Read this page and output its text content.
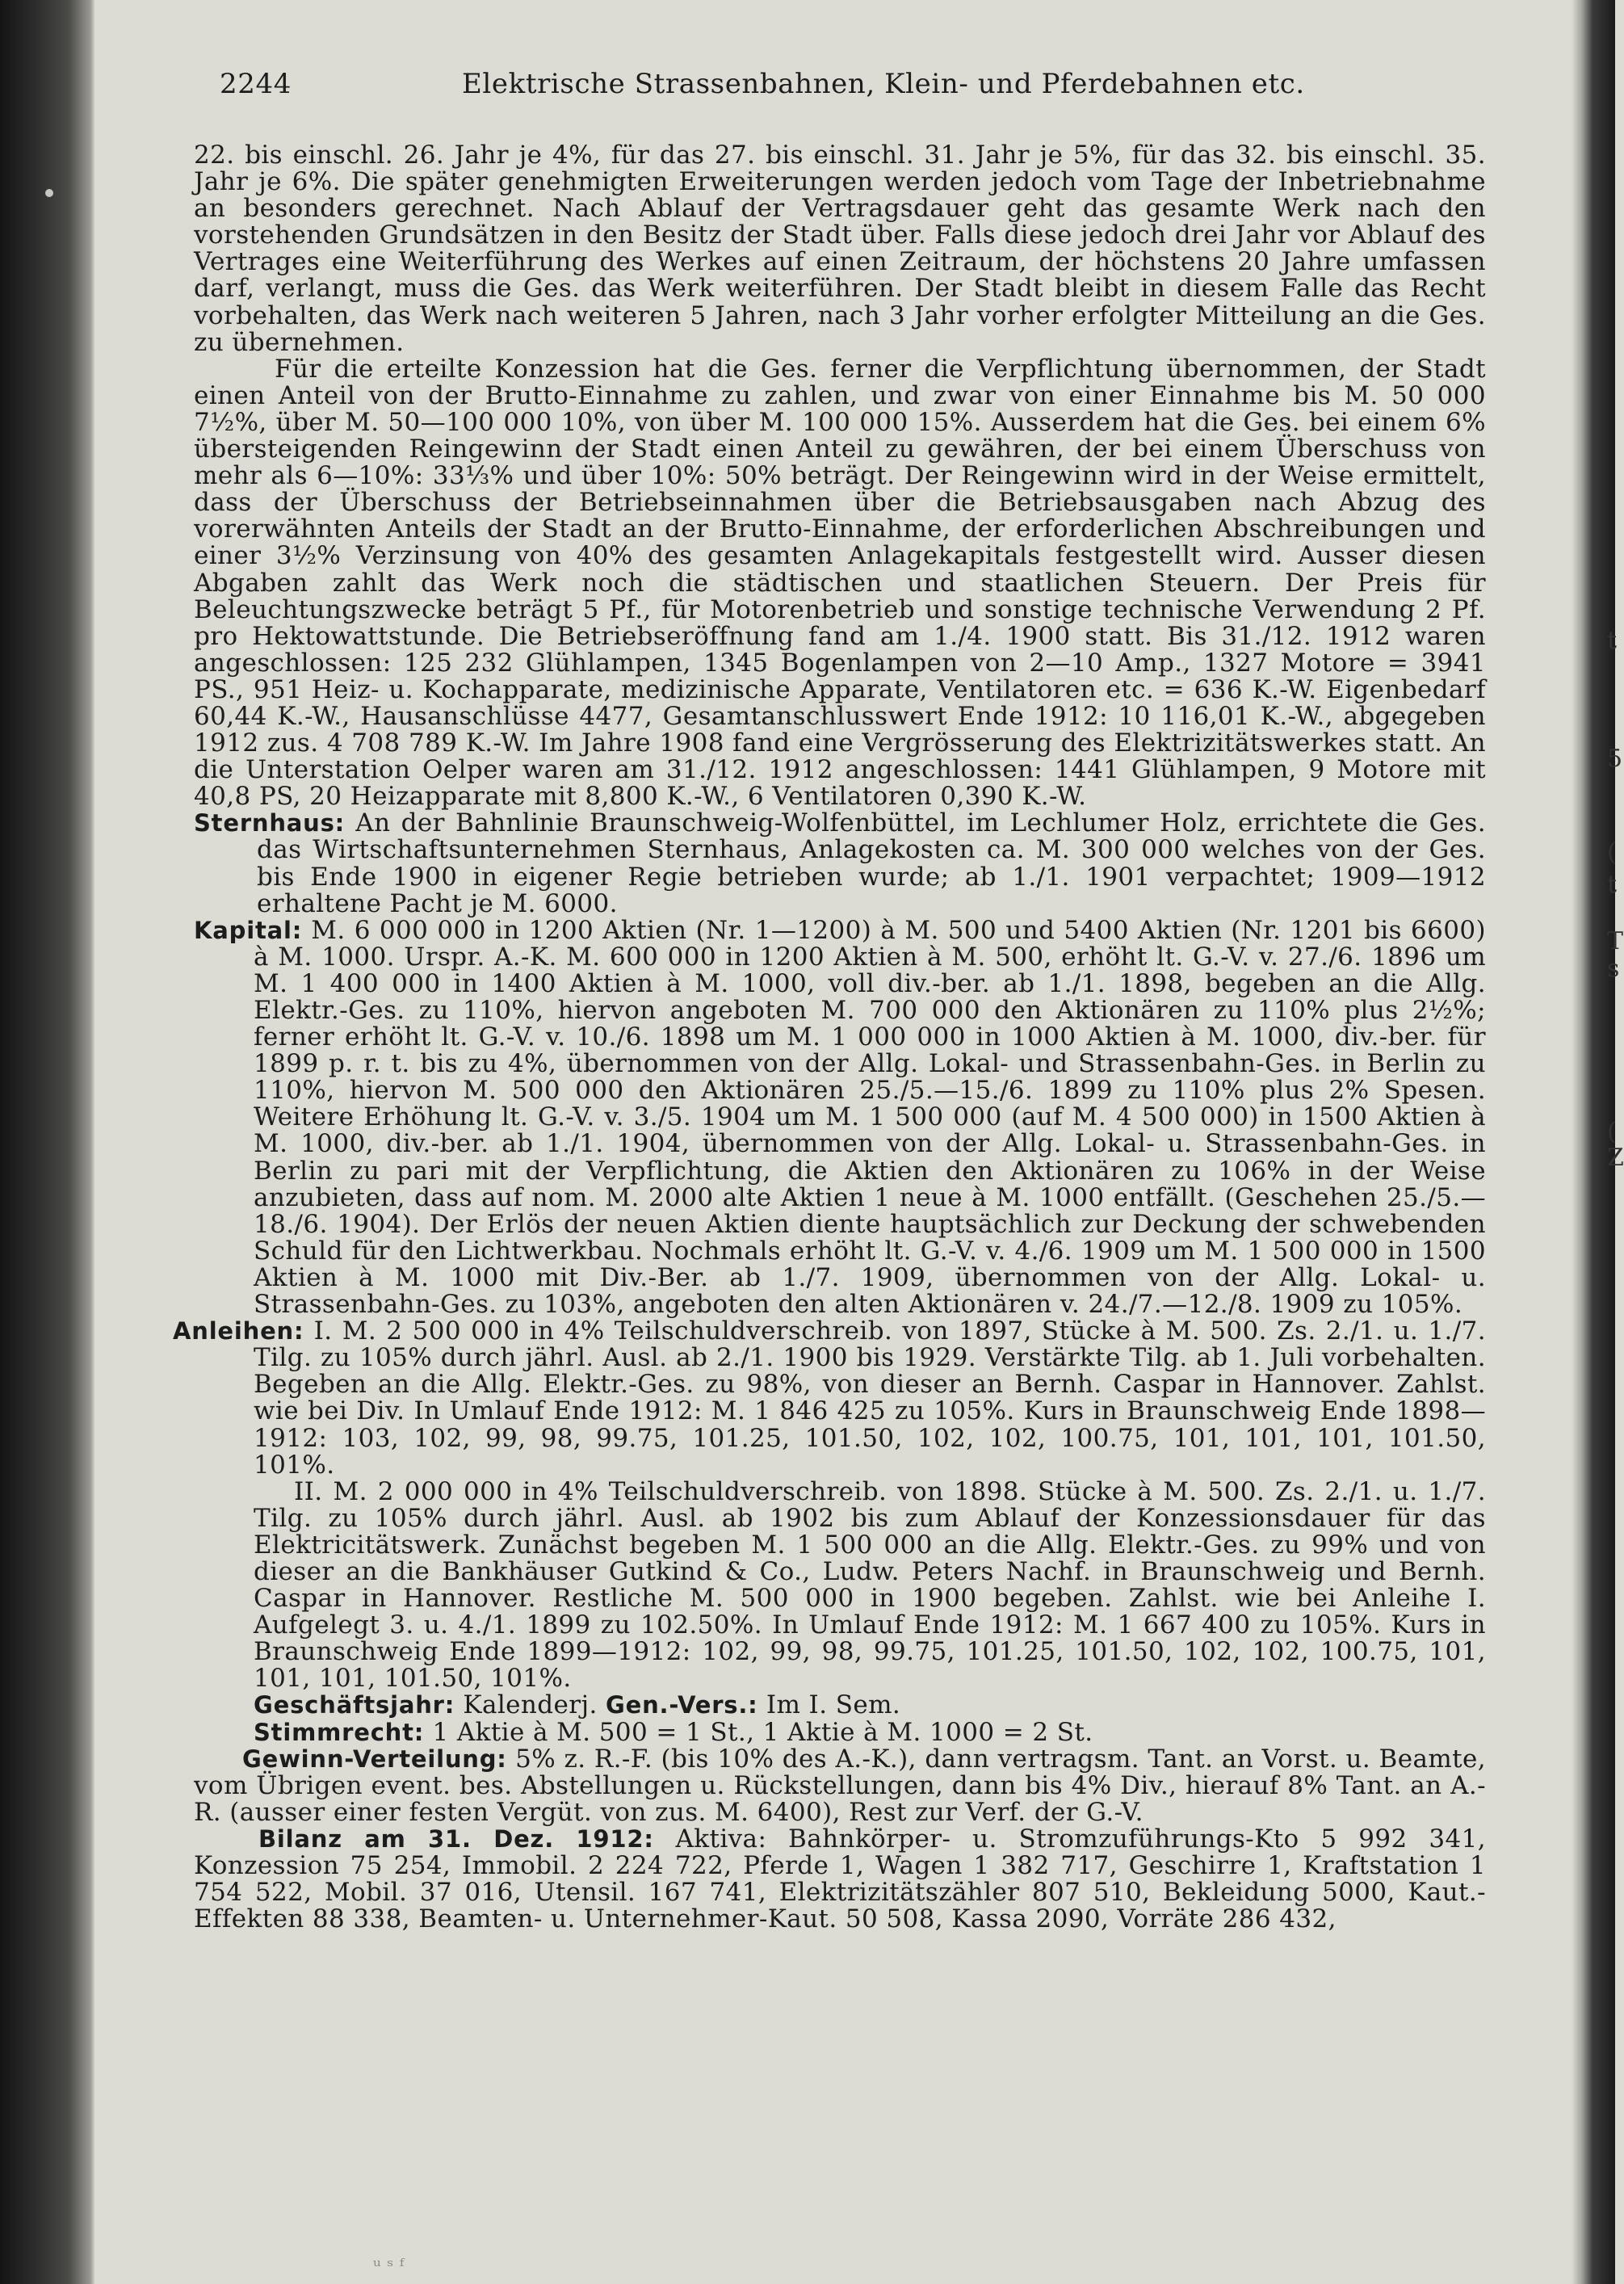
t
5
(
t
T
s
(
Z
2244	Elektrische Strassenbahnen, Klein- und Pferdebahnen etc.

22. bis einschl. 26. Jahr je 4%, für das 27. bis einschl. 31. Jahr je 5%, für das 32. bis einschl. 35. Jahr je 6%. Die später genehmigten Erweiterungen werden jedoch vom Tage der Inbetriebnahme an besonders gerechnet. Nach Ablauf der Vertragsdauer geht das gesamte Werk nach den vorstehenden Grundsätzen in den Besitz der Stadt über. Falls diese jedoch drei Jahr vor Ablauf des Vertrages eine Weiterführung des Werkes auf einen Zeitraum, der höchstens 20 Jahre umfassen darf, verlangt, muss die Ges. das Werk weiterführen. Der Stadt bleibt in diesem Falle das Recht vorbehalten, das Werk nach weiteren 5 Jahren, nach 3 Jahr vorher erfolgter Mitteilung an die Ges. zu übernehmen.

Für die erteilte Konzession hat die Ges. ferner die Verpflichtung übernommen, der Stadt einen Anteil von der Brutto-Einnahme zu zahlen, und zwar von einer Einnahme bis M. 50 000 7½%, über M. 50—100 000 10%, von über M. 100 000 15%. Ausserdem hat die Ges. bei einem 6% übersteigenden Reingewinn der Stadt einen Anteil zu gewähren, der bei einem Überschuss von mehr als 6—10%: 33⅓% und über 10%: 50% beträgt. Der Reingewinn wird in der Weise ermittelt, dass der Überschuss der Betriebseinnahmen über die Betriebsausgaben nach Abzug des vorerwähnten Anteils der Stadt an der Brutto-Einnahme, der erforderlichen Abschreibungen und einer 3½% Verzinsung von 40% des gesamten Anlagekapitals festgestellt wird. Ausser diesen Abgaben zahlt das Werk noch die städtischen und staatlichen Steuern. Der Preis für Beleuchtungszwecke beträgt 5 Pf., für Motorenbetrieb und sonstige technische Verwendung 2 Pf. pro Hektowattstunde. Die Betriebseröffnung fand am 1./4. 1900 statt. Bis 31./12. 1912 waren angeschlossen: 125 232 Glühlampen, 1345 Bogenlampen von 2—10 Amp., 1327 Motore = 3941 PS., 951 Heiz- u. Kochapparate, medizinische Apparate, Ventilatoren etc. = 636 K.-W. Eigenbedarf 60,44 K.-W., Hausanschlüsse 4477, Gesamtanschlusswert Ende 1912: 10 116,01 K.-W., abgegeben 1912 zus. 4 708 789 K.-W. Im Jahre 1908 fand eine Vergrösserung des Elektrizitätswerkes statt. An die Unterstation Oelper waren am 31./12. 1912 angeschlossen: 1441 Glühlampen, 9 Motore mit 40,8 PS, 20 Heizapparate mit 8,800 K.-W., 6 Ventilatoren 0,390 K.-W.

Sternhaus: An der Bahnlinie Braunschweig-Wolfenbüttel, im Lechlumer Holz, errichtete die Ges. das Wirtschaftsunternehmen Sternhaus, Anlagekosten ca. M. 300 000 welches von der Ges. bis Ende 1900 in eigener Regie betrieben wurde; ab 1./1. 1901 verpachtet; 1909—1912 erhaltene Pacht je M. 6000.

Kapital: M. 6 000 000 in 1200 Aktien (Nr. 1—1200) à M. 500 und 5400 Aktien (Nr. 1201 bis 6600) à M. 1000. Urspr. A.-K. M. 600 000 in 1200 Aktien à M. 500, erhöht lt. G.-V. v. 27./6. 1896 um M. 1 400 000 in 1400 Aktien à M. 1000, voll div.-ber. ab 1./1. 1898, begeben an die Allg. Elektr.-Ges. zu 110%, hiervon angeboten M. 700 000 den Aktionären zu 110% plus 2½%; ferner erhöht lt. G.-V. v. 10./6. 1898 um M. 1 000 000 in 1000 Aktien à M. 1000, div.-ber. für 1899 p. r. t. bis zu 4%, übernommen von der Allg. Lokal- und Strassenbahn-Ges. in Berlin zu 110%, hiervon M. 500 000 den Aktionären 25./5.—15./6. 1899 zu 110% plus 2% Spesen. Weitere Erhöhung lt. G.-V. v. 3./5. 1904 um M. 1 500 000 (auf M. 4 500 000) in 1500 Aktien à M. 1000, div.-ber. ab 1./1. 1904, übernommen von der Allg. Lokal- u. Strassenbahn-Ges. in Berlin zu pari mit der Verpflichtung, die Aktien den Aktionären zu 106% in der Weise anzubieten, dass auf nom. M. 2000 alte Aktien 1 neue à M. 1000 entfällt. (Geschehen 25./5.—18./6. 1904). Der Erlös der neuen Aktien diente hauptsächlich zur Deckung der schwebenden Schuld für den Lichtwerkbau. Nochmals erhöht lt. G.-V. v. 4./6. 1909 um M. 1 500 000 in 1500 Aktien à M. 1000 mit Div.-Ber. ab 1./7. 1909, übernommen von der Allg. Lokal- u. Strassenbahn-Ges. zu 103%, angeboten den alten Aktionären v. 24./7.—12./8. 1909 zu 105%.

Anleihen: I. M. 2 500 000 in 4% Teilschuldverschreib. von 1897, Stücke à M. 500. Zs. 2./1. u. 1./7. Tilg. zu 105% durch jährl. Ausl. ab 2./1. 1900 bis 1929. Verstärkte Tilg. ab 1. Juli vorbehalten. Begeben an die Allg. Elektr.-Ges. zu 98%, von dieser an Bernh. Caspar in Hannover. Zahlst. wie bei Div. In Umlauf Ende 1912: M. 1 846 425 zu 105%. Kurs in Braunschweig Ende 1898—1912: 103, 102, 99, 98, 99.75, 101.25, 101.50, 102, 102, 100.75, 101, 101, 101, 101.50, 101%.

II. M. 2 000 000 in 4% Teilschuldverschreib. von 1898. Stücke à M. 500. Zs. 2./1. u. 1./7. Tilg. zu 105% durch jährl. Ausl. ab 1902 bis zum Ablauf der Konzessionsdauer für das Elektricitätswerk. Zunächst begeben M. 1 500 000 an die Allg. Elektr.-Ges. zu 99% und von dieser an die Bankhäuser Gutkind & Co., Ludw. Peters Nachf. in Braunschweig und Bernh. Caspar in Hannover. Restliche M. 500 000 in 1900 begeben. Zahlst. wie bei Anleihe I. Aufgelegt 3. u. 4./1. 1899 zu 102.50%. In Umlauf Ende 1912: M. 1 667 400 zu 105%. Kurs in Braunschweig Ende 1899—1912: 102, 99, 98, 99.75, 101.25, 101.50, 102, 102, 100.75, 101, 101, 101, 101.50, 101%.

Geschäftsjahr: Kalenderj. Gen.-Vers.: Im I. Sem.

Stimmrecht: 1 Aktie à M. 500 = 1 St., 1 Aktie à M. 1000 = 2 St.

Gewinn-Verteilung: 5% z. R.-F. (bis 10% des A.-K.), dann vertragsm. Tant. an Vorst. u. Beamte, vom Übrigen event. bes. Abstellungen u. Rückstellungen, dann bis 4% Div., hierauf 8% Tant. an A.-R. (ausser einer festen Vergüt. von zus. M. 6400), Rest zur Verf. der G.-V.

Bilanz am 31. Dez. 1912: Aktiva: Bahnkörper- u. Stromzuführungs-Kto 5 992 341, Konzession 75 254, Immobil. 2 224 722, Pferde 1, Wagen 1 382 717, Geschirre 1, Kraftstation 1 754 522, Mobil. 37 016, Utensil. 167 741, Elektrizitätszähler 807 510, Bekleidung 5000, Kaut.-Effekten 88 338, Beamten- u. Unternehmer-Kaut. 50 508, Kassa 2090, Vorräte 286 432,

ᵘ ˢ ᶠ
